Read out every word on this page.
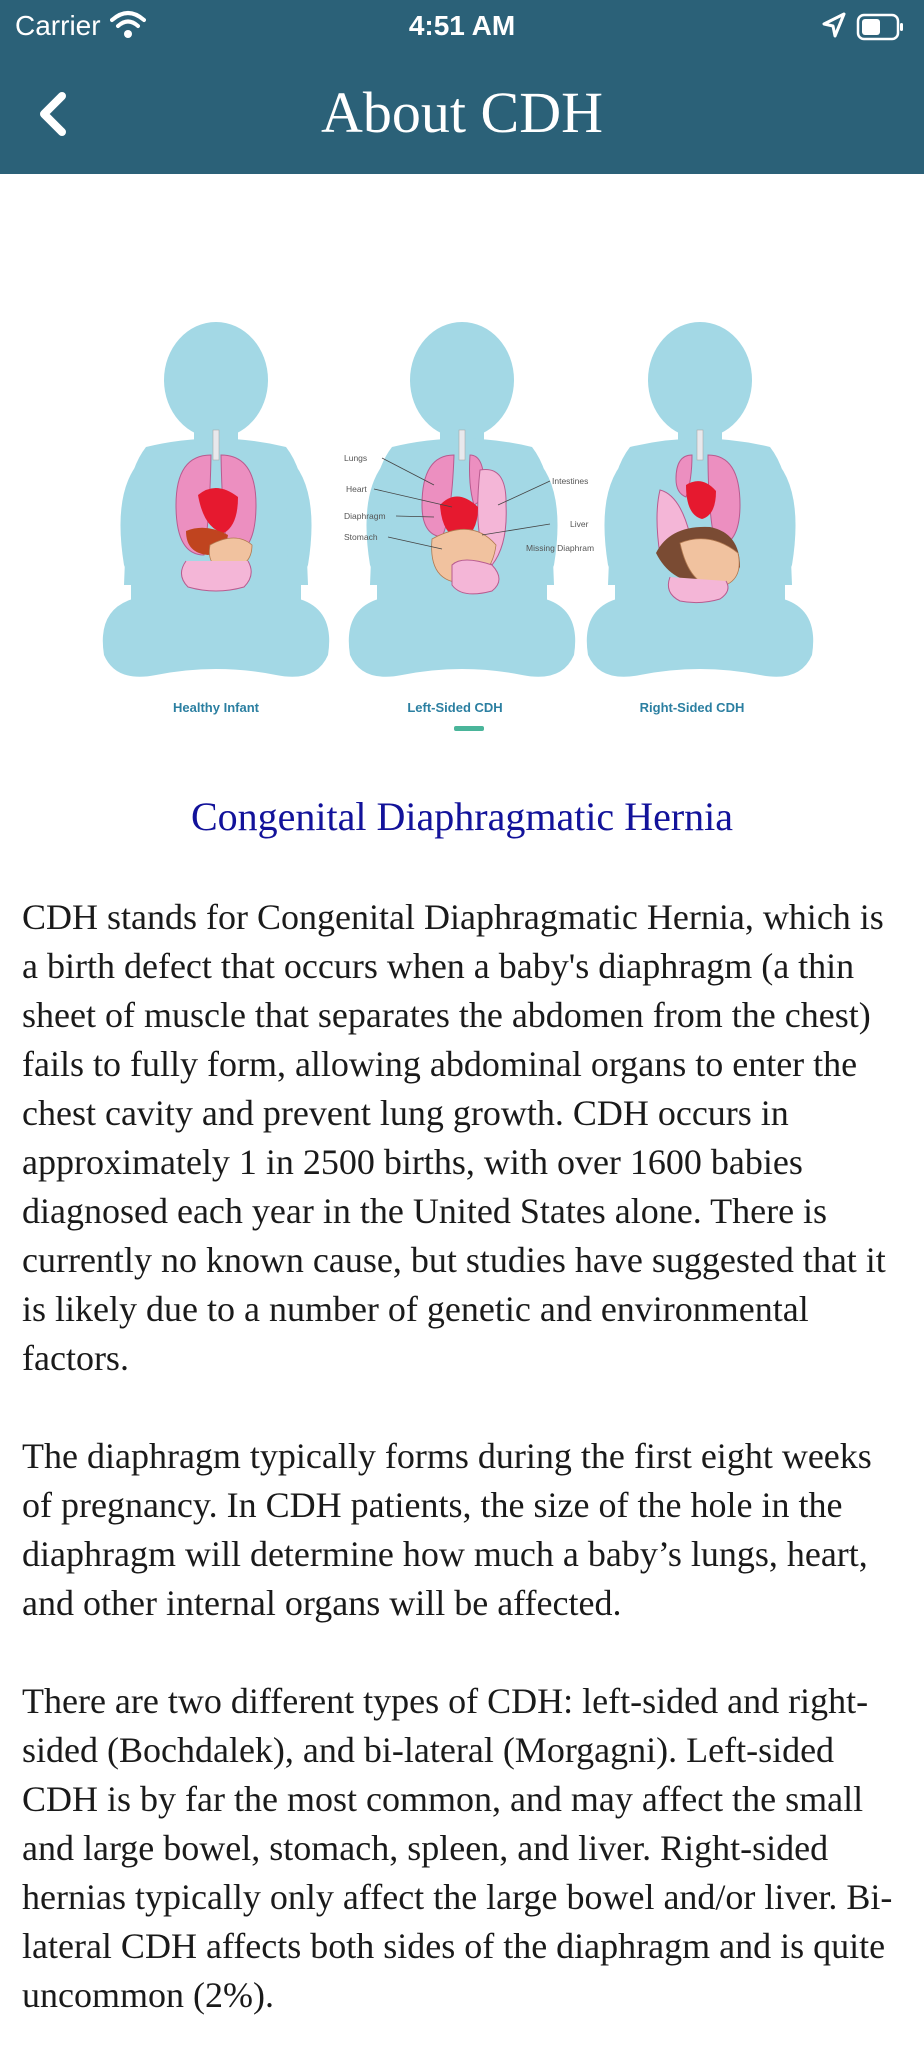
Carrier	4:51 AM
About CDH
Lungs
Heart
Diaphragm
Stomach
Intestines
Liver
Missing Diaphram
Healthy Infant	Left-Sided CDH	Right-Sided CDH
Congenital Diaphragmatic Hernia

CDH stands for Congenital Diaphragmatic Hernia, which is a birth defect that occurs when a baby's diaphragm (a thin sheet of muscle that separates the abdomen from the chest) fails to fully form, allowing abdominal organs to enter the chest cavity and prevent lung growth. CDH occurs in approximately 1 in 2500 births, with over 1600 babies diagnosed each year in the United States alone. There is currently no known cause, but studies have suggested that it is likely due to a number of genetic and environmental factors.

The diaphragm typically forms during the first eight weeks of pregnancy. In CDH patients, the size of the hole in the diaphragm will determine how much a baby’s lungs, heart, and other internal organs will be affected.

There are two different types of CDH: left-sided and right-sided (Bochdalek), and bi-lateral (Morgagni). Left-sided CDH is by far the most common, and may affect the small and large bowel, stomach, spleen, and liver. Right-sided hernias typically only affect the large bowel and/or liver. Bi-lateral CDH affects both sides of the diaphragm and is quite uncommon (2%).
